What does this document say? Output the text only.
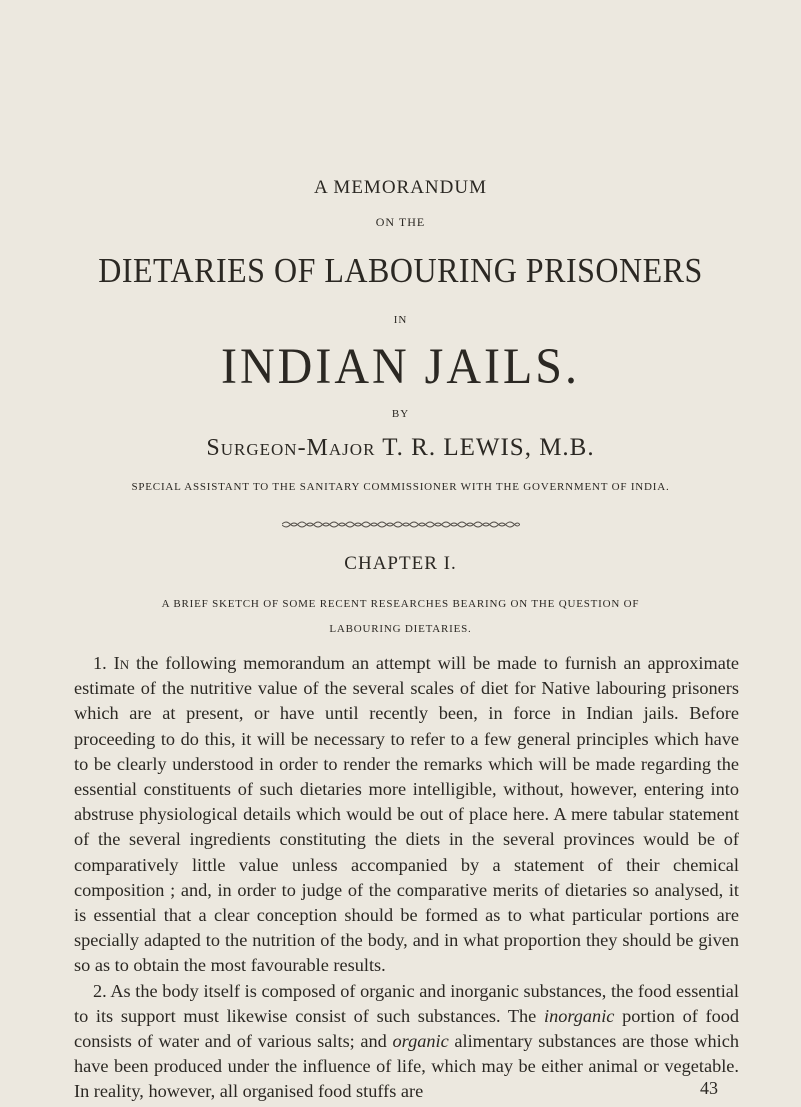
A MEMORANDUM
ON THE
DIETARIES OF LABOURING PRISONERS
IN
INDIAN JAILS.
BY
Surgeon-Major T. R. LEWIS, M.B.
SPECIAL ASSISTANT TO THE SANITARY COMMISSIONER WITH THE GOVERNMENT OF INDIA.
CHAPTER I.
A BRIEF SKETCH OF SOME RECENT RESEARCHES BEARING ON THE QUESTION OF
LABOURING DIETARIES.

1. In the following memorandum an attempt will be made to furnish an approximate estimate of the nutritive value of the several scales of diet for Native labouring prisoners which are at present, or have until recently been, in force in Indian jails. Before proceeding to do this, it will be necessary to refer to a few general principles which have to be clearly understood in order to render the remarks which will be made regarding the essential constituents of such dietaries more intelligible, without, however, entering into abstruse physiological details which would be out of place here. A mere tabular statement of the several ingredients constituting the diets in the several provinces would be of comparatively little value unless accompanied by a statement of their chemical composition ; and, in order to judge of the comparative merits of dietaries so analysed, it is essential that a clear conception should be formed as to what particular portions are specially adapted to the nutrition of the body, and in what proportion they should be given so as to obtain the most favourable results.

2. As the body itself is composed of organic and inorganic substances, the food essential to its support must likewise consist of such substances. The inorganic portion of food consists of water and of various salts; and organic alimentary substances are those which have been produced under the influence of life, which may be either animal or vegetable. In reality, however, all organised food stuffs are	43
